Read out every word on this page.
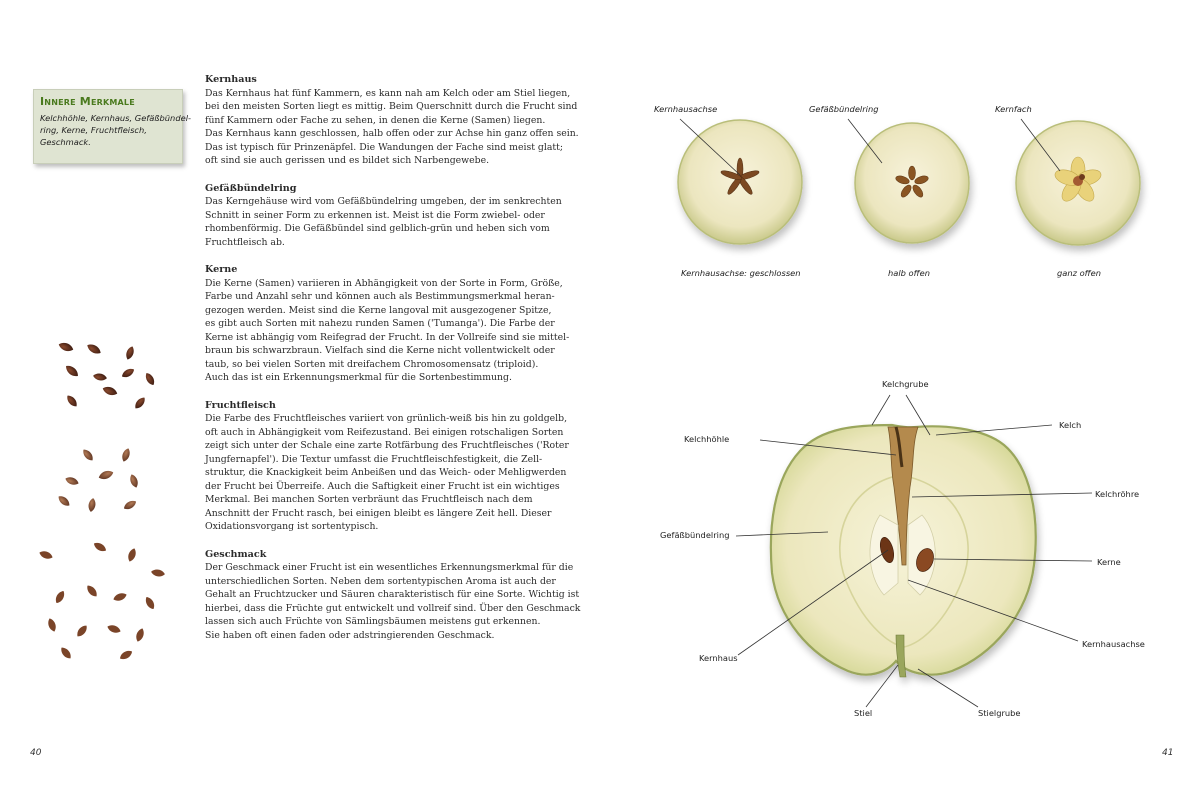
Innere Merkmale
Kelchhöhle, Kernhaus, Gefäßbündel-
ring, Kerne, Fruchtfleisch,
Geschmack.
Kernhaus

Das Kernhaus hat fünf Kammern, es kann nah am Kelch oder am Stiel liegen,
bei den meisten Sorten liegt es mittig. Beim Querschnitt durch die Frucht sind
fünf Kammern oder Fache zu sehen, in denen die Kerne (Samen) liegen.
Das Kernhaus kann geschlossen, halb offen oder zur Achse hin ganz offen sein.
Das ist typisch für Prinzenäpfel. Die Wandungen der Fache sind meist glatt;
oft sind sie auch gerissen und es bildet sich Narbengewebe.

Gefäßbündelring

Das Kerngehäuse wird vom Gefäßbündelring umgeben, der im senkrechten
Schnitt in seiner Form zu erkennen ist. Meist ist die Form zwiebel- oder
rhombenförmig. Die Gefäßbündel sind gelblich-grün und heben sich vom
Fruchtfleisch ab.

Kerne

Die Kerne (Samen) variieren in Abhängigkeit von der Sorte in Form, Größe,
Farbe und Anzahl sehr und können auch als Bestimmungsmerkmal heran-
gezogen werden. Meist sind die Kerne langoval mit ausgezogener Spitze,
es gibt auch Sorten mit nahezu runden Samen ('Tumanga'). Die Farbe der
Kerne ist abhängig vom Reifegrad der Frucht. In der Vollreife sind sie mittel-
braun bis schwarzbraun. Vielfach sind die Kerne nicht vollentwickelt oder
taub, so bei vielen Sorten mit dreifachem Chromosomensatz (triploid).
Auch das ist ein Erkennungsmerkmal für die Sortenbestimmung.

Fruchtfleisch

Die Farbe des Fruchtfleisches variiert von grünlich-weiß bis hin zu goldgelb,
oft auch in Abhängigkeit vom Reifezustand. Bei einigen rotschaligen Sorten
zeigt sich unter der Schale eine zarte Rotfärbung des Fruchtfleisches ('Roter
Jungfernapfel'). Die Textur umfasst die Fruchtfleischfestigkeit, die Zell-
struktur, die Knackigkeit beim Anbeißen und das Weich- oder Mehligwerden
der Frucht bei Überreife. Auch die Saftigkeit einer Frucht ist ein wichtiges
Merkmal. Bei manchen Sorten verbräunt das Fruchtfleisch nach dem
Anschnitt der Frucht rasch, bei einigen bleibt es längere Zeit hell. Dieser
Oxidationsvorgang ist sortentypisch.

Geschmack

Der Geschmack einer Frucht ist ein wesentliches Erkennungsmerkmal für die
unterschiedlichen Sorten. Neben dem sortentypischen Aroma ist auch der
Gehalt an Fruchtzucker und Säuren charakteristisch für eine Sorte. Wichtig ist
hierbei, dass die Früchte gut entwickelt und vollreif sind. Über den Geschmack
lassen sich auch Früchte von Sämlingsbäumen meistens gut erkennen.
Sie haben oft einen faden oder adstringierenden Geschmack.

40
Kernhausachse	Gefäßbündelring	Kernfach
Kernhausachse: geschlossen	halb offen	ganz offen
Kelchgrube
Kelch
Kelchhöhle
Kelchröhre
Gefäßbündelring
Kerne
Kernhausachse
Kernhaus
Stiel	Stielgrube
41
